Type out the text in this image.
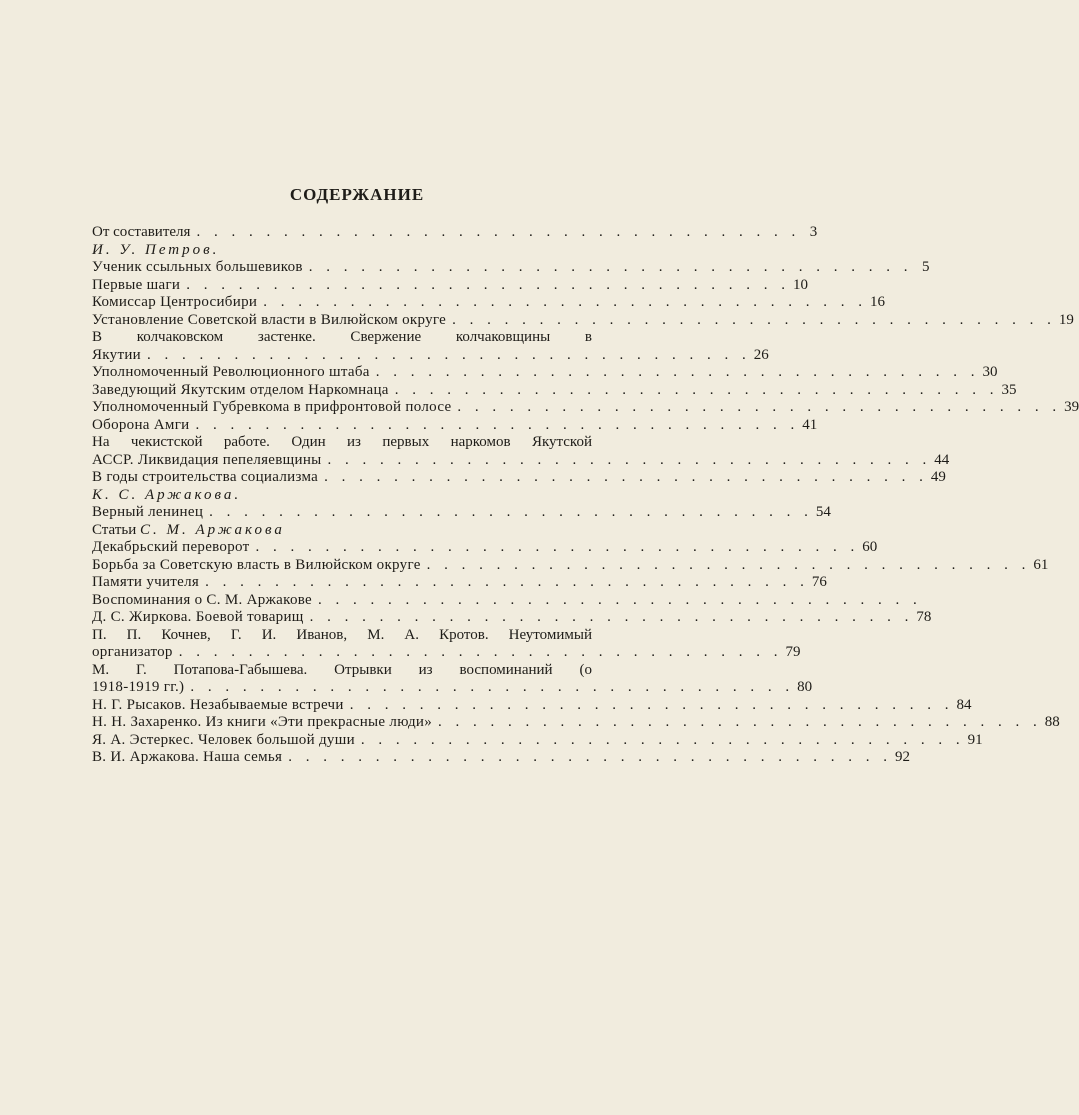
СОДЕРЖАНИЕ
От составителя . . . . . . . . . . . . . . . . . . . . . . . . . . . . . . . . . . . 3
И. У. Петров.
Ученик ссыльных большевиков . . . . . . . . . . . . . . . . . . . . . . . . . . . . . . . . . . . 5
Первые шаги . . . . . . . . . . . . . . . . . . . . . . . . . . . . . . . . . . . 10
Комиссар Центросибири . . . . . . . . . . . . . . . . . . . . . . . . . . . . . . . . . . . 16
Установление Советской власти в Вилюйском округе . . . . . . . . . . . . . . . . . . . . . . . . . . . . . . . . . . . 19
В колчаковском застенке. Свержение колчаковщины в
Якутии . . . . . . . . . . . . . . . . . . . . . . . . . . . . . . . . . . . 26
Уполномоченный Революционного штаба . . . . . . . . . . . . . . . . . . . . . . . . . . . . . . . . . . . 30
Заведующий Якутским отделом Наркомнаца . . . . . . . . . . . . . . . . . . . . . . . . . . . . . . . . . . . 35
Уполномоченный Губревкома в прифронтовой полосе . . . . . . . . . . . . . . . . . . . . . . . . . . . . . . . . . . . 39
Оборона Амги . . . . . . . . . . . . . . . . . . . . . . . . . . . . . . . . . . . 41
На чекистской работе. Один из первых наркомов Якутской
АССР. Ликвидация пепеляевщины . . . . . . . . . . . . . . . . . . . . . . . . . . . . . . . . . . . 44
В годы строительства социализма . . . . . . . . . . . . . . . . . . . . . . . . . . . . . . . . . . . 49
К. С. Аржакова.
Верный ленинец . . . . . . . . . . . . . . . . . . . . . . . . . . . . . . . . . . . 54
Статьи С. М. Аржакова
Декабрьский переворот . . . . . . . . . . . . . . . . . . . . . . . . . . . . . . . . . . . 60
Борьба за Советскую власть в Вилюйском округе . . . . . . . . . . . . . . . . . . . . . . . . . . . . . . . . . . . 61
Памяти учителя . . . . . . . . . . . . . . . . . . . . . . . . . . . . . . . . . . . 76
Воспоминания о С. М. Аржакове . . . . . . . . . . . . . . . . . . . . . . . . . . . . . . . . . . .
Д. С. Жиркова. Боевой товарищ . . . . . . . . . . . . . . . . . . . . . . . . . . . . . . . . . . . 78
П. П. Кочнев, Г. И. Иванов, М. А. Кротов. Неутомимый
организатор . . . . . . . . . . . . . . . . . . . . . . . . . . . . . . . . . . . 79
М. Г. Потапова-Габышева. Отрывки из воспоминаний (о
1918-1919 гг.) . . . . . . . . . . . . . . . . . . . . . . . . . . . . . . . . . . . 80
Н. Г. Рысаков. Незабываемые встречи . . . . . . . . . . . . . . . . . . . . . . . . . . . . . . . . . . . 84
Н. Н. Захаренко. Из книги «Эти прекрасные люди» . . . . . . . . . . . . . . . . . . . . . . . . . . . . . . . . . . . 88
Я. А. Эстеркес. Человек большой души . . . . . . . . . . . . . . . . . . . . . . . . . . . . . . . . . . . 91
В. И. Аржакова. Наша семья . . . . . . . . . . . . . . . . . . . . . . . . . . . . . . . . . . . 92
